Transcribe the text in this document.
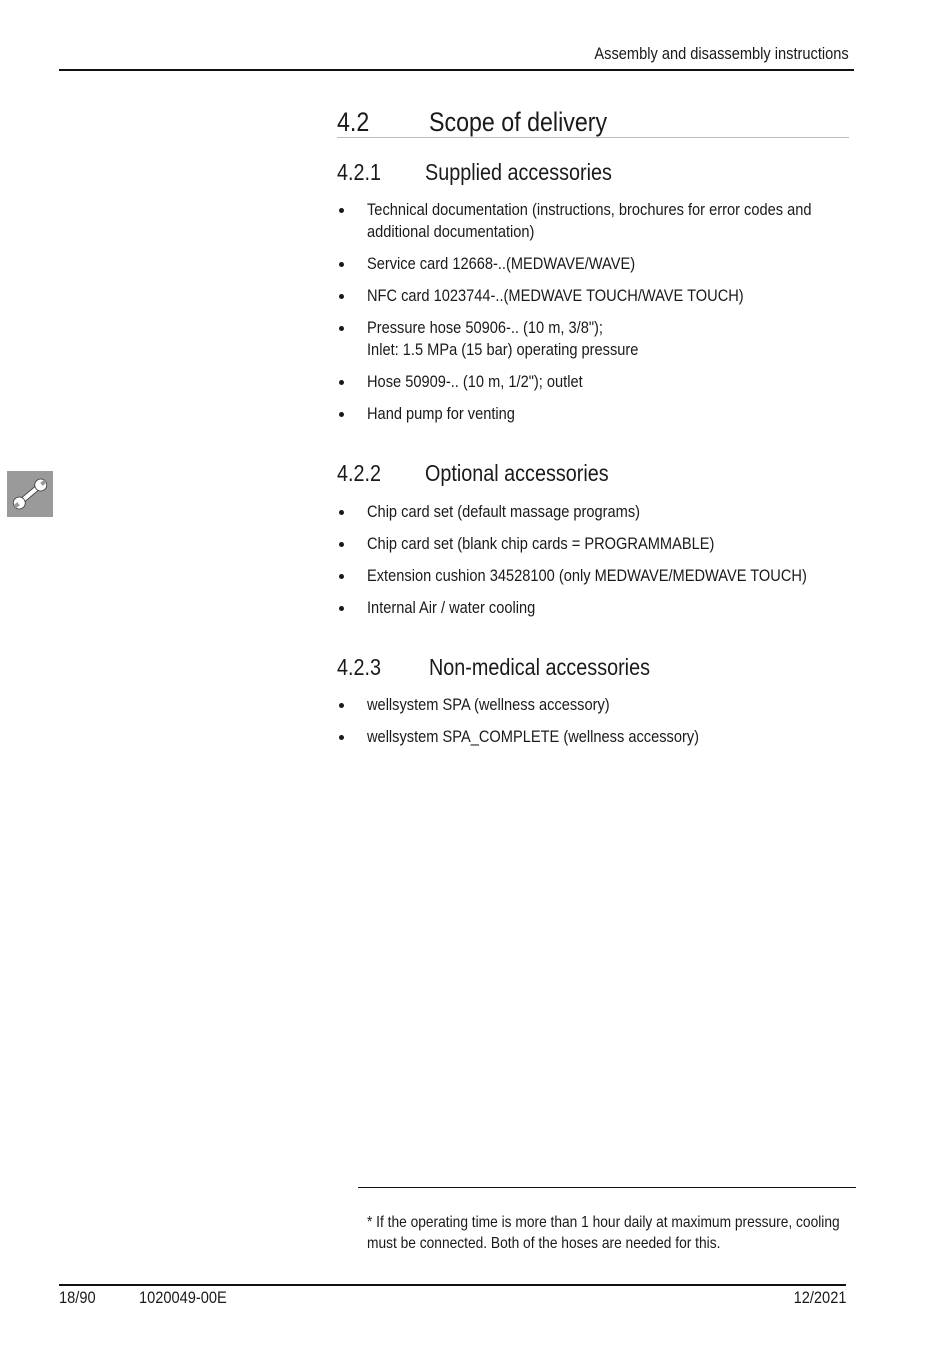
Assembly and disassembly instructions
4.2 Scope of delivery
4.2.1 Supplied accessories
Technical documentation (instructions, brochures for error codes and
additional documentation)
Service card 12668-..(MEDWAVE/WAVE)
NFC card 1023744-..(MEDWAVE TOUCH/WAVE TOUCH)
Pressure hose 50906-.. (10 m, 3/8");
Inlet: 1.5 MPa (15 bar) operating pressure
Hose 50909-.. (10 m, 1/2"); outlet
Hand pump for venting
4.2.2 Optional accessories
Chip card set (default massage programs)
Chip card set (blank chip cards = PROGRAMMABLE)
Extension cushion 34528100 (only MEDWAVE/MEDWAVE TOUCH)
Internal Air / water cooling
4.2.3 Non-medical accessories
wellsystem SPA (wellness accessory)
wellsystem SPA_COMPLETE (wellness accessory)
* If the operating time is more than 1 hour daily at maximum pressure, cooling
must be connected. Both of the hoses are needed for this.
18/90	1020049-00E	12/2021
